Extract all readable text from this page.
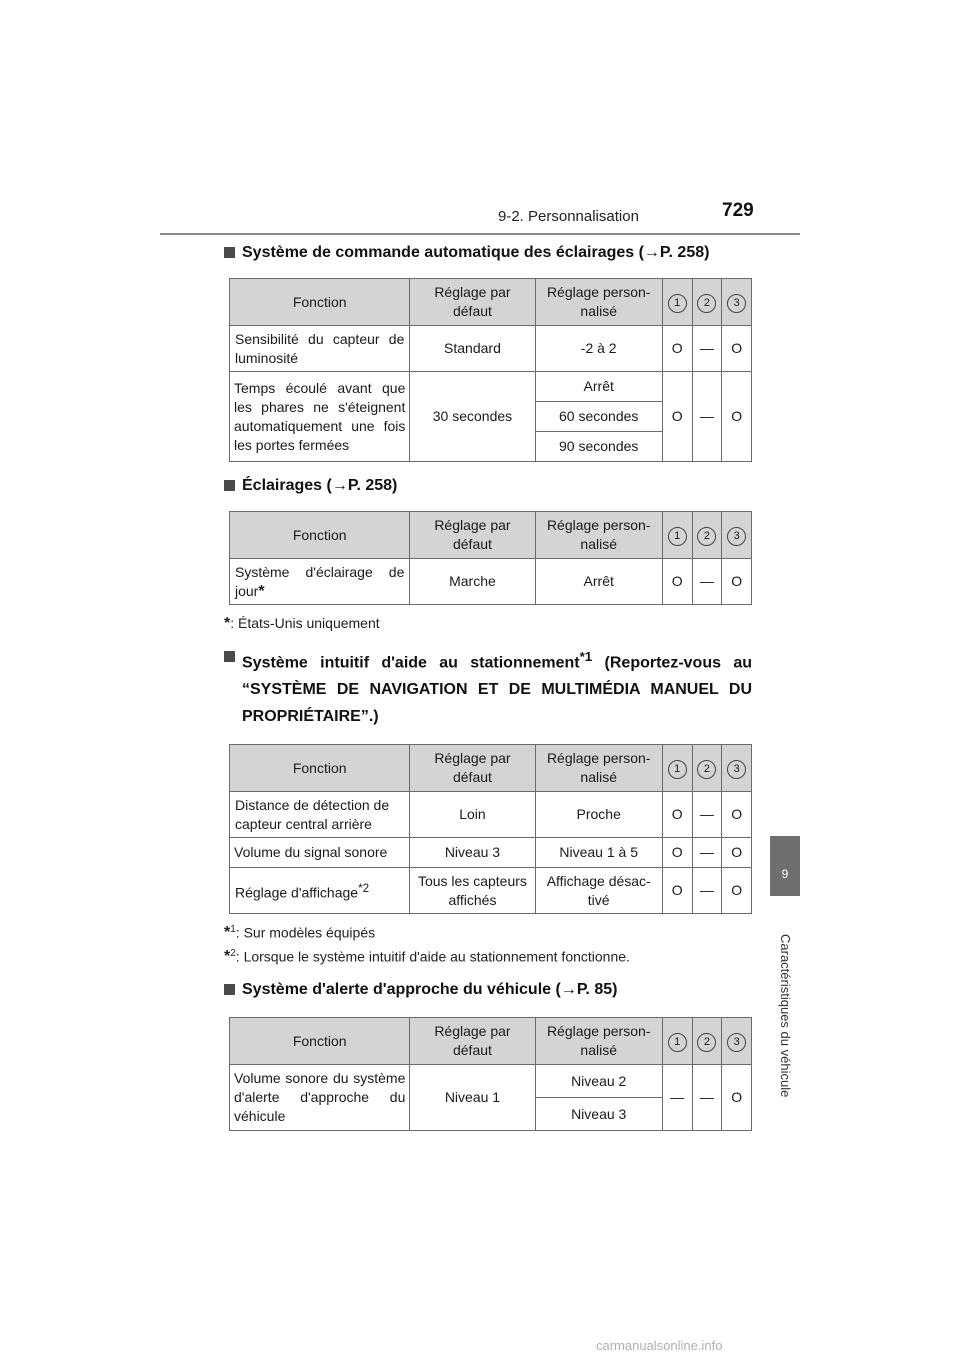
9-2. Personnalisation	729
9
Caractéristiques du véhicule
Système de commande automatique des éclairages (→P. 258)
Fonction	Réglage par défaut	Réglage person- nalisé	1	2	3
Sensibilité du capteur de luminosité	Standard	-2 à 2	O	—	O
Temps écoulé avant que les phares ne s'éteignent automatiquement une fois les portes fermées	30 secondes	Arrêt	O	—	O
		60 secondes			
		90 secondes			
Éclairages (→P. 258)
Fonction	Réglage par défaut	Réglage person- nalisé	1	2	3
Système d'éclairage de jour*	Marche	Arrêt	O	—	O
*: États-Unis uniquement
Système intuitif d'aide au stationnement$^{*1}$ (Reportez-vous au “SYSTÈME DE NAVIGATION ET DE MULTIMÉDIA MANUEL DU PROPRIÉTAIRE”.)
Fonction	Réglage par défaut	Réglage person- nalisé	1	2	3
Distance de détection de capteur central arrière	Loin	Proche	O	—	O
Volume du signal sonore	Niveau 3	Niveau 1 à 5	O	—	O
Réglage d'affichage$^{*2}$	Tous les capteurs affichés	Affichage désac- tivé	O	—	O
*$^1$: Sur modèles équipés
*$^2$: Lorsque le système intuitif d'aide au stationnement fonctionne.
Système d'alerte d'approche du véhicule (→P. 85)
Fonction	Réglage par défaut	Réglage person- nalisé	1	2	3
Volume sonore du système d'alerte d'approche du véhicule	Niveau 1	Niveau 2	—	—	O
		Niveau 3			
carmanualsonline.info
